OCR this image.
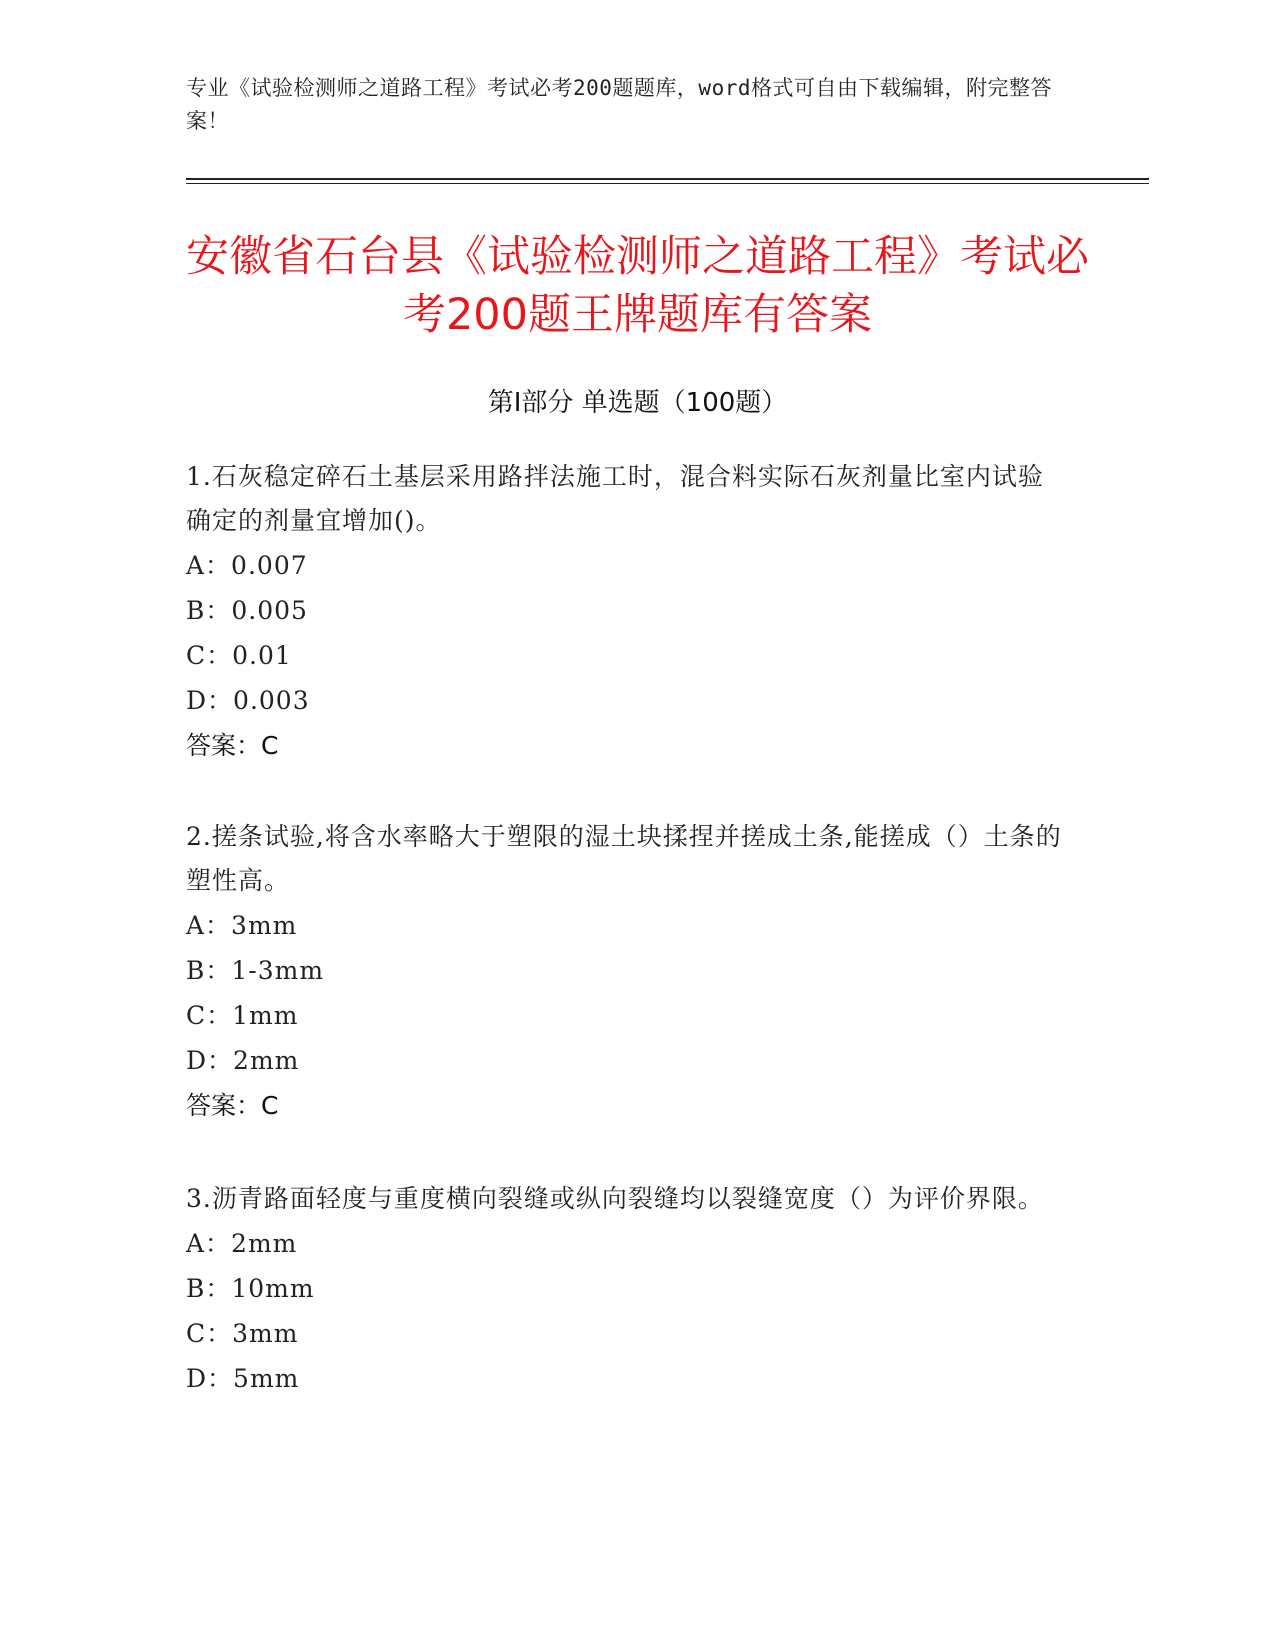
专业《试验检测师之道路工程》考试必考200题题库，word格式可自由下载编辑，附完整答案！
安徽省石台县《试验检测师之道路工程》考试必考200题王牌题库有答案
第I部分 单选题（100题）

1.石灰稳定碎石土基层采用路拌法施工时，混合料实际石灰剂量比室内试验确定的剂量宜增加()。

A：0.007

B：0.005

C：0.01

D：0.003

答案：C

2.搓条试验,将含水率略大于塑限的湿土块揉捏并搓成土条,能搓成（）土条的塑性高。

A：3mm

B：1-3mm

C：1mm

D：2mm

答案：C

3.沥青路面轻度与重度横向裂缝或纵向裂缝均以裂缝宽度（）为评价界限。

A：2mm

B：10mm

C：3mm

D：5mm
